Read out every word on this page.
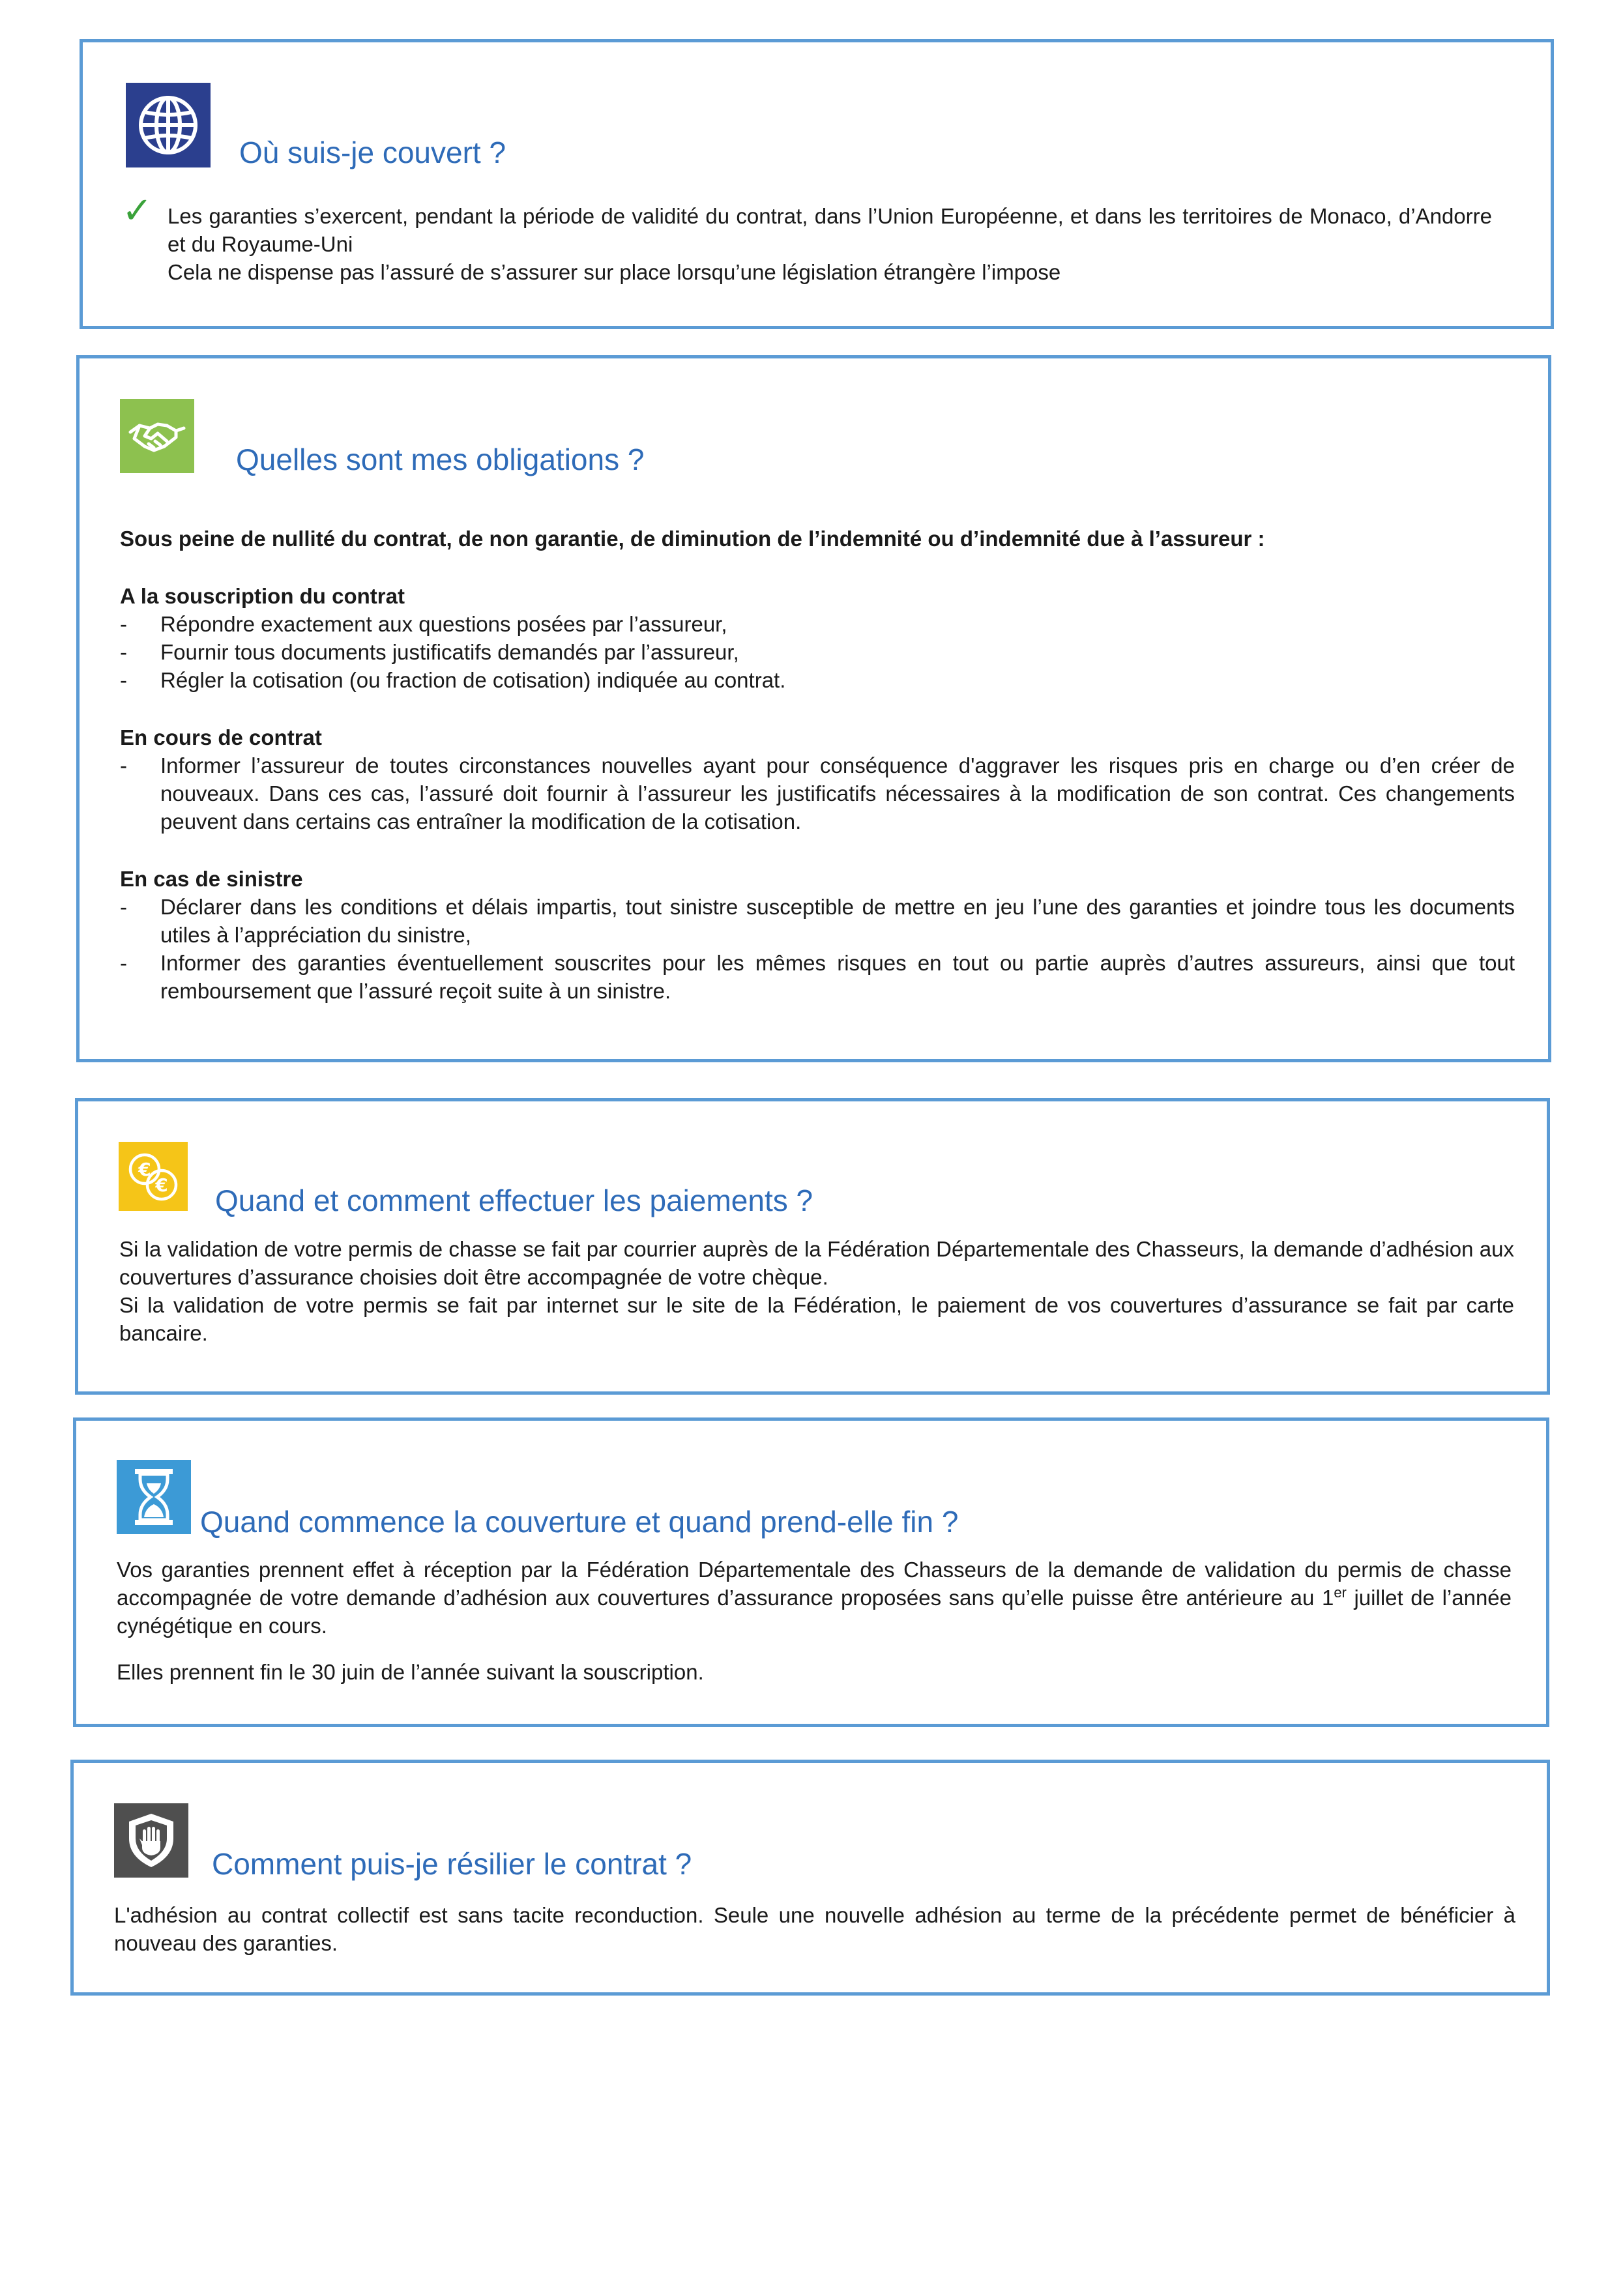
Où suis-je couvert ?
✓ Les garanties s’exercent, pendant la période de validité du contrat, dans l’Union Européenne, et dans les territoires de Monaco, d’Andorre et du Royaume-Uni

Cela ne dispense pas l’assuré de s’assurer sur place lorsqu’une législation étrangère l’impose

Quelles sont mes obligations ?

Sous peine de nullité du contrat, de non garantie, de diminution de l’indemnité ou d’indemnité due à l’assureur :

A la souscription du contrat

- Répondre exactement aux questions posées par l’assureur,
- Fournir tous documents justificatifs demandés par l’assureur,
- Régler la cotisation (ou fraction de cotisation) indiquée au contrat.

En cours de contrat

- Informer l’assureur de toutes circonstances nouvelles ayant pour conséquence d'aggraver les risques pris en charge ou d’en créer de nouveaux. Dans ces cas, l’assuré doit fournir à l’assureur les justificatifs nécessaires à la modification de son contrat. Ces changements peuvent dans certains cas entraîner la modification de la cotisation.

En cas de sinistre

- Déclarer dans les conditions et délais impartis, tout sinistre susceptible de mettre en jeu l’une des garanties et joindre tous les documents utiles à l’appréciation du sinistre,
- Informer des garanties éventuellement souscrites pour les mêmes risques en tout ou partie auprès d’autres assureurs, ainsi que tout remboursement que l’assuré reçoit suite à un sinistre.
€
€ Quand et comment effectuer les paiements ?

Si la validation de votre permis de chasse se fait par courrier auprès de la Fédération Départementale des Chasseurs, la demande d’adhésion aux couvertures d’assurance choisies doit être accompagnée de votre chèque.

Si la validation de votre permis se fait par internet sur le site de la Fédération, le paiement de vos couvertures d’assurance se fait par carte bancaire.

Quand commence la couverture et quand prend-elle fin ?

Vos garanties prennent effet à réception par la Fédération Départementale des Chasseurs de la demande de validation du permis de chasse accompagnée de votre demande d’adhésion aux couvertures d’assurance proposées sans qu’elle puisse être antérieure au 1er juillet de l’année cynégétique en cours.

Elles prennent fin le 30 juin de l’année suivant la souscription.

Comment puis-je résilier le contrat ?

L'adhésion au contrat collectif est sans tacite reconduction. Seule une nouvelle adhésion au terme de la précédente permet de bénéficier à nouveau des garanties.
